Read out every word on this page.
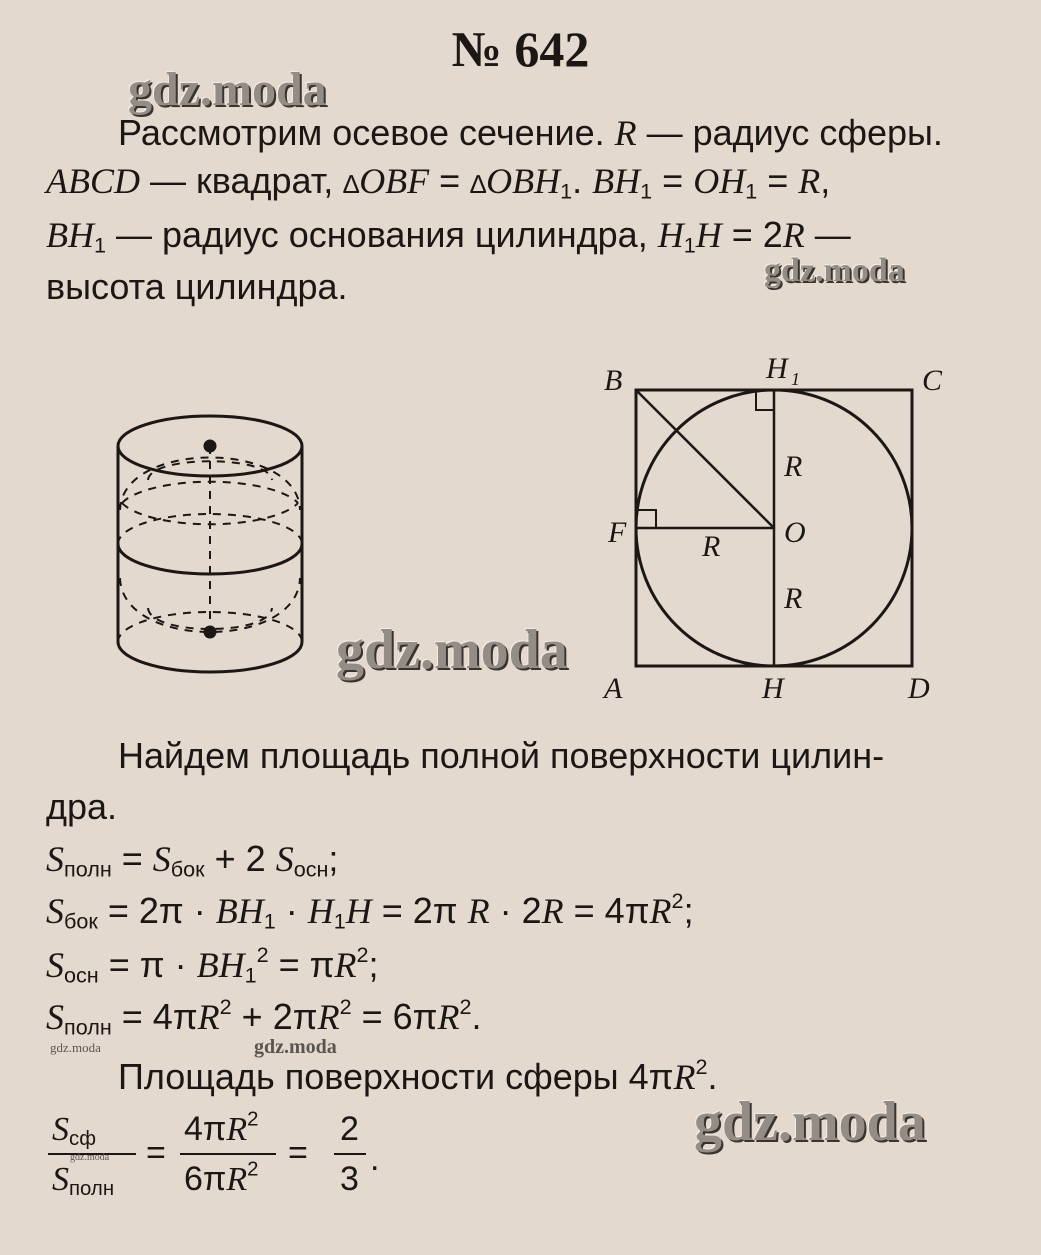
№ 642
Рассмотрим осевое сечение. R — радиус сферы.
ABCD — квадрат, $\Delta OBF = \Delta OBH_1$. $BH_1 = OH_1 = R$,
$BH_1$ — радиус основания цилиндра, $H_1H = 2R$ —
высота цилиндра.
B	C
A	D
H
H 1
F	O
R
R
R
Найдем площадь полной поверхности цилин-
дра.
$S_{полн} = S_{бок} + 2$ $S_{осн}$;
$S_{бок} = 2\pi \cdot BH_1 \cdot H_1H = 2\pi$ $R \cdot 2R = 4\pi R^2$;
$S_{осн} = \pi \cdot BH_1^2 = \pi R^2$;
$S_{полн} = 4\pi R^2 + 2\pi R^2 = 6\pi R^2$.
Площадь поверхности сферы $4\pi R^2$.
$S_{сф}$
$S_{полн}$
=
$4\pi R^2$
$6\pi R^2$ =
2
3
.
gdz.moda
gdz.moda
gdz.moda
gdz.moda
gdz.moda
gdz.moda
gdz.moda
